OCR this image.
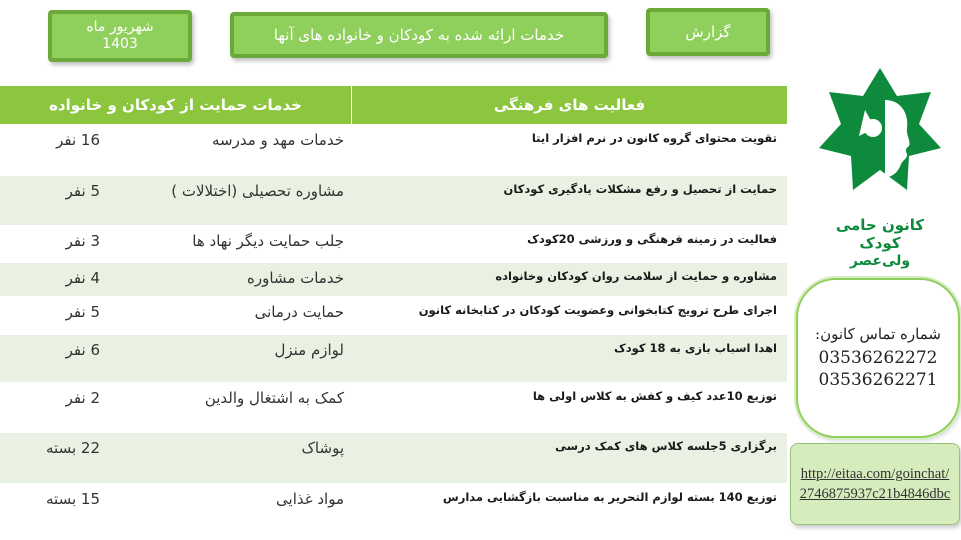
شهریور ماه
1403	خدمات ارائه شده به کودکان و خانواده های آنها	گزارش
فعالیت های فرهنگی
خدمات حمایت از کودکان و خانواده
تقویت محتوای گروه کانون در نرم افزار ایتا
خدمات مهد و مدرسه
16 نفر
حمایت از تحصیل و رفع مشکلات یادگیری کودکان
مشاوره تحصیلی (اختلالات )
5 نفر
فعالیت در زمینه فرهنگی و ورزشی 20کودک
جلب حمایت دیگر نهاد ها
3 نفر
مشاوره و حمایت از سلامت روان کودکان وخانواده
خدمات مشاوره
4 نفر
اجرای طرح ترویج کتابخوانی وعضویت کودکان در کتابخانه کانون
حمایت درمانی
5 نفر
اهدا اسباب بازی به 18 کودک
لوازم منزل
6 نفر
توزیع 10عدد کیف و کفش به کلاس اولی ها
کمک به اشتغال والدین
2 نفر
برگزاری 5جلسه کلاس های کمک درسی
پوشاک
22 بسته
توزیع 140 بسته لوازم التحریر به مناسبت بازگشایی مدارس
مواد غذایی
15 بسته
کانون حامی کودک
ولی‌عصر
شماره تماس کانون:
03536262272
03536262271
http://eitaa.com/goinchat/2746875937c21b4846dbc
